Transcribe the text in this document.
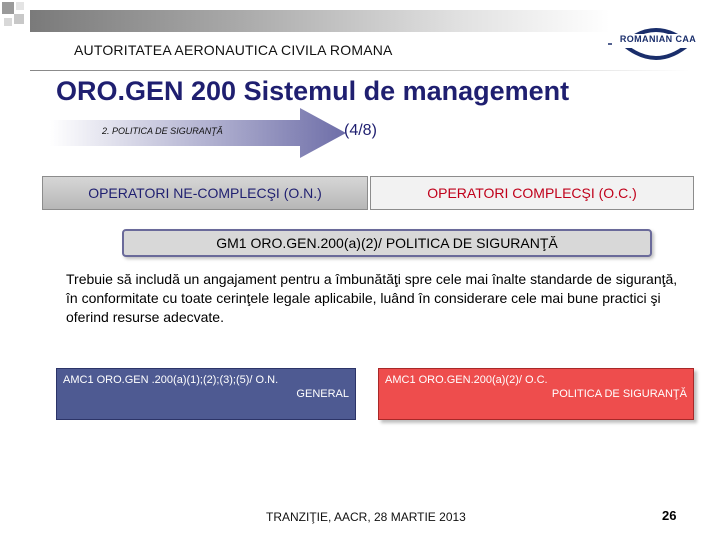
AUTORITATEA AERONAUTICA CIVILA ROMANA
ROMANIAN CAA
ORO.GEN 200 Sistemul de management
2. POLITICA DE SIGURANŢĂ	(4/8)
OPERATORI NE-COMPLECŞI (O.N.)	OPERATORI COMPLECŞI (O.C.)
GM1 ORO.GEN.200(a)(2)/ POLITICA DE SIGURANŢĂ
Trebuie să includă un angajament pentru a îmbunătăţi spre cele mai înalte standarde de siguranţă, în conformitate cu toate cerinţele legale aplicabile, luând în considerare cele mai bune practici şi oferind resurse adecvate.
AMC1 ORO.GEN .200(a)(1);(2);(3);(5)/ O.N.
GENERAL
AMC1 ORO.GEN.200(a)(2)/ O.C.
POLITICA DE SIGURANŢĂ
TRANZIŢIE, AACR, 28 MARTIE 2013	26
